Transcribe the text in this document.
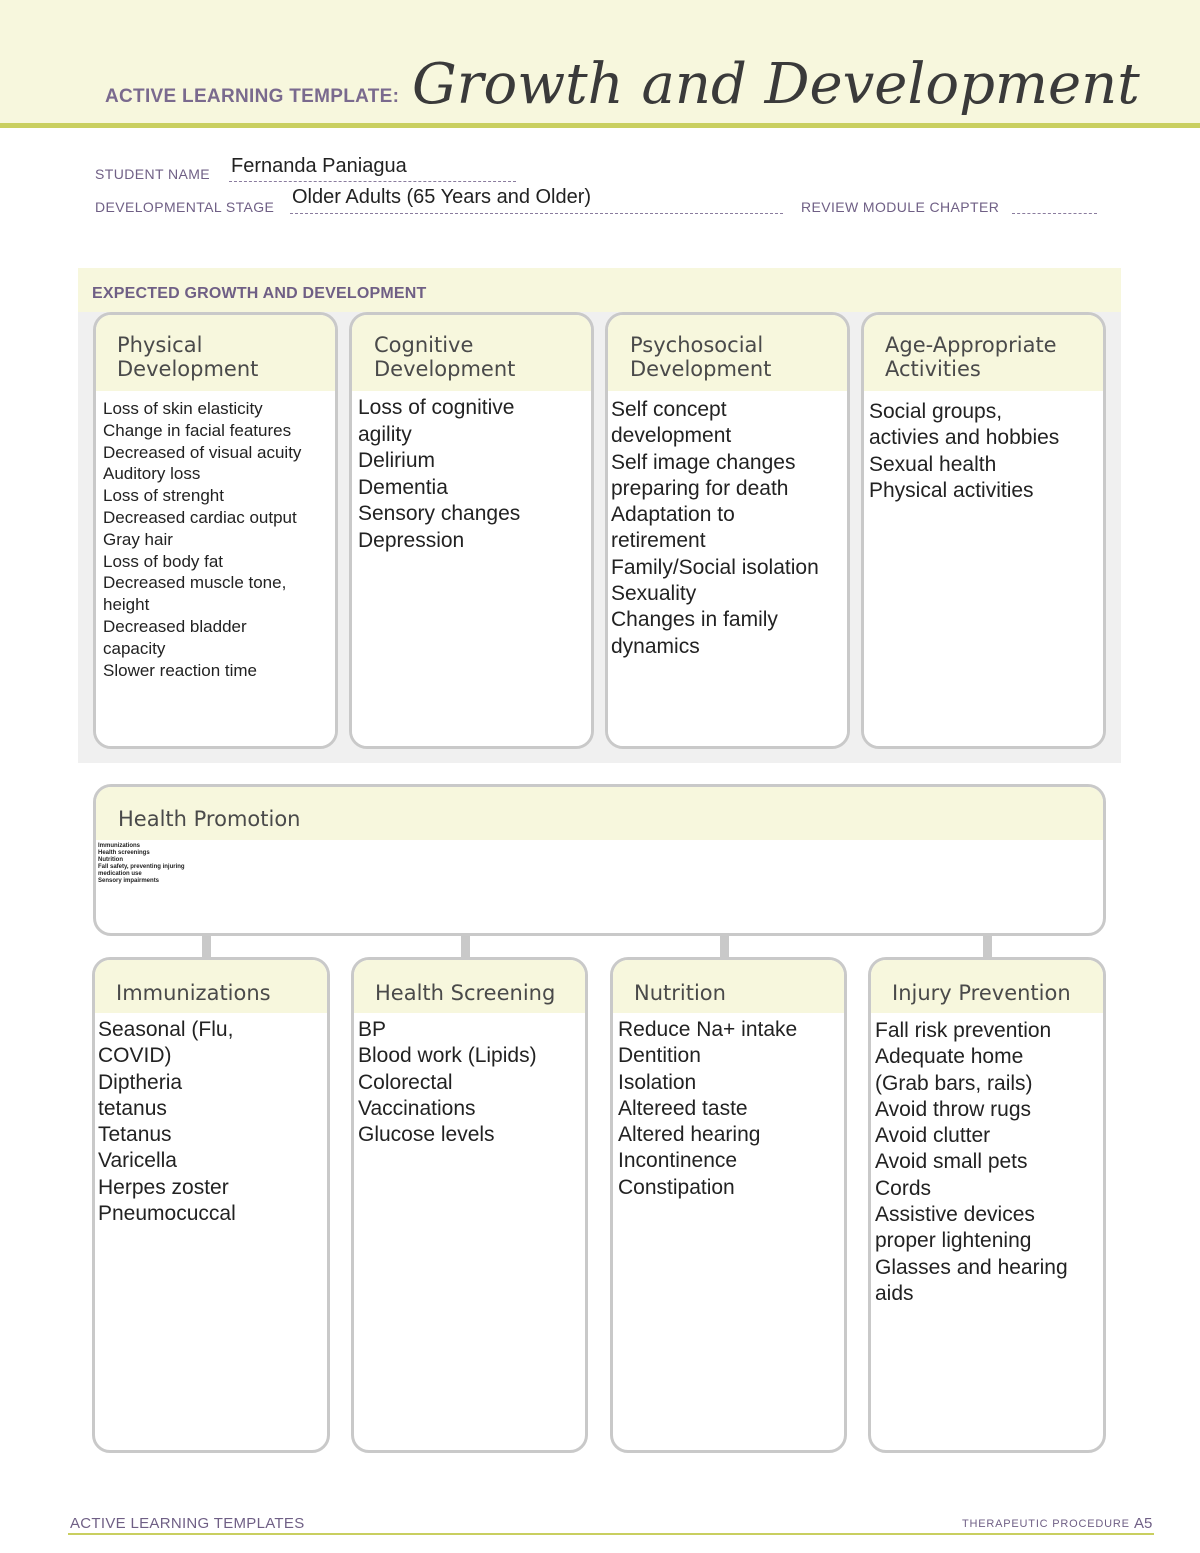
ACTIVE LEARNING TEMPLATE: Growth and Development
STUDENT NAME Fernanda Paniagua
DEVELOPMENTAL STAGE Older Adults (65 Years and Older)	REVIEW MODULE CHAPTER
EXPECTED GROWTH AND DEVELOPMENT
Physical
Development
Loss of skin elasticity
Change in facial features
Decreased of visual acuity
Auditory loss
Loss of strenght
Decreased cardiac output
Gray hair
Loss of body fat
Decreased muscle tone,
height
Decreased bladder
capacity
Slower reaction time
Cognitive
Development
Loss of cognitive
agility
Delirium
Dementia
Sensory changes
Depression
Psychosocial
Development
Self concept
development
Self image changes
preparing for death
Adaptation to
retirement
Family/Social isolation
Sexuality
Changes in family
dynamics
Age-Appropriate
Activities
Social groups,
activies and hobbies
Sexual health
Physical activities
Health Promotion
Immunizations
Health screenings
Nutrition
Fall safety, preventing injuring
medication use
Sensory impairments
Immunizations
Seasonal (Flu,
COVID)
Diptheria
tetanus
Tetanus
Varicella
Herpes zoster
Pneumocuccal
Health Screening
BP
Blood work (Lipids)
Colorectal
Vaccinations
Glucose levels
Nutrition
Reduce Na+ intake
Dentition
Isolation
Altereed taste
Altered hearing
Incontinence
Constipation
Injury Prevention
Fall risk prevention
Adequate home
(Grab bars, rails)
Avoid throw rugs
Avoid clutter
Avoid small pets
Cords
Assistive devices
proper lightening
Glasses and hearing
aids
ACTIVE LEARNING TEMPLATES	THERAPEUTIC PROCEDURE A5
